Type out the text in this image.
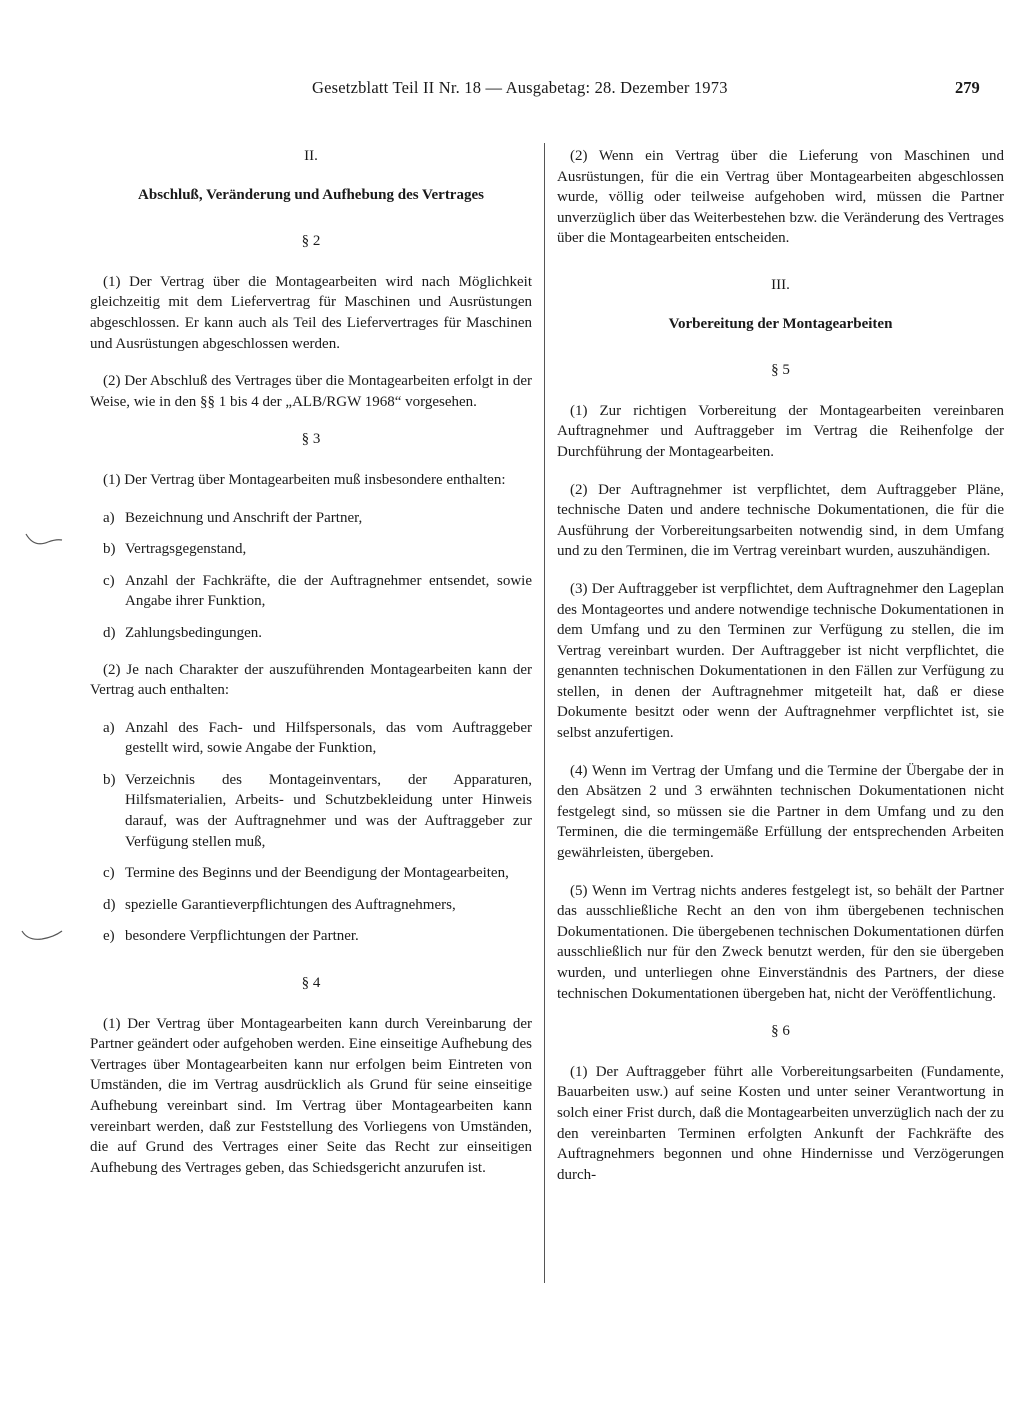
Gesetzblatt Teil II Nr. 18 — Ausgabetag: 28. Dezember 1973	279
II.
Abschluß, Veränderung und Aufhebung des Vertrages
§ 2

(1) Der Vertrag über die Montagearbeiten wird nach Möglichkeit gleichzeitig mit dem Liefervertrag für Maschinen und Ausrüstungen abgeschlossen. Er kann auch als Teil des Liefervertrages für Maschinen und Ausrüstungen abgeschlossen werden.

(2) Der Abschluß des Vertrages über die Montagearbeiten erfolgt in der Weise, wie in den §§ 1 bis 4 der „ALB/RGW 1968“ vorgesehen.

§ 3

(1) Der Vertrag über Montagearbeiten muß insbesondere enthalten:

a) Bezeichnung und Anschrift der Partner,
b) Vertragsgegenstand,
c) Anzahl der Fachkräfte, die der Auftragnehmer entsendet, sowie Angabe ihrer Funktion,
d) Zahlungsbedingungen.

(2) Je nach Charakter der auszuführenden Montagearbeiten kann der Vertrag auch enthalten:

a) Anzahl des Fach- und Hilfspersonals, das vom Auftraggeber gestellt wird, sowie Angabe der Funktion,
b) Verzeichnis des Montageinventars, der Apparaturen, Hilfsmaterialien, Arbeits- und Schutzbekleidung unter Hinweis darauf, was der Auftragnehmer und was der Auftraggeber zur Verfügung stellen muß,
c) Termine des Beginns und der Beendigung der Montagearbeiten,
d) spezielle Garantieverpflichtungen des Auftragnehmers,
e) besondere Verpflichtungen der Partner.
§ 4

(1) Der Vertrag über Montagearbeiten kann durch Vereinbarung der Partner geändert oder aufgehoben werden. Eine einseitige Aufhebung des Vertrages über Montagearbeiten kann nur erfolgen beim Eintreten von Umständen, die im Vertrag ausdrücklich als Grund für seine einseitige Aufhebung vereinbart sind. Im Vertrag über Montagearbeiten kann vereinbart werden, daß zur Feststellung des Vorliegens von Umständen, die auf Grund des Vertrages einer Seite das Recht zur einseitigen Aufhebung des Vertrages geben, das Schiedsgericht anzurufen ist.

(2) Wenn ein Vertrag über die Lieferung von Maschinen und Ausrüstungen, für die ein Vertrag über Montagearbeiten abgeschlossen wurde, völlig oder teilweise aufgehoben wird, müssen die Partner unverzüglich über das Weiterbestehen bzw. die Veränderung des Vertrages über die Montagearbeiten entscheiden.

III.
Vorbereitung der Montagearbeiten
§ 5

(1) Zur richtigen Vorbereitung der Montagearbeiten vereinbaren Auftragnehmer und Auftraggeber im Vertrag die Reihenfolge der Durchführung der Montagearbeiten.

(2) Der Auftragnehmer ist verpflichtet, dem Auftraggeber Pläne, technische Daten und andere technische Dokumentationen, die für die Ausführung der Vorbereitungsarbeiten notwendig sind, in dem Umfang und zu den Terminen, die im Vertrag vereinbart wurden, auszuhändigen.

(3) Der Auftraggeber ist verpflichtet, dem Auftragnehmer den Lageplan des Montageortes und andere notwendige technische Dokumentationen in dem Umfang und zu den Terminen zur Verfügung zu stellen, die im Vertrag vereinbart wurden. Der Auftraggeber ist nicht verpflichtet, die genannten technischen Dokumentationen in den Fällen zur Verfügung zu stellen, in denen der Auftragnehmer mitgeteilt hat, daß er diese Dokumente besitzt oder wenn der Auftragnehmer verpflichtet ist, sie selbst anzufertigen.

(4) Wenn im Vertrag der Umfang und die Termine der Übergabe der in den Absätzen 2 und 3 erwähnten technischen Dokumentationen nicht festgelegt sind, so müssen sie die Partner in dem Umfang und zu den Terminen, die die termingemäße Erfüllung der entsprechenden Arbeiten gewährleisten, übergeben.

(5) Wenn im Vertrag nichts anderes festgelegt ist, so behält der Partner das ausschließliche Recht an den von ihm übergebenen technischen Dokumentationen. Die übergebenen technischen Dokumentationen dürfen ausschließlich nur für den Zweck benutzt werden, für den sie übergeben wurden, und unterliegen ohne Einverständnis des Partners, der diese technischen Dokumentationen übergeben hat, nicht der Veröffentlichung.

§ 6

(1) Der Auftraggeber führt alle Vorbereitungsarbeiten (Fundamente, Bauarbeiten usw.) auf seine Kosten und unter seiner Verantwortung in solch einer Frist durch, daß die Montagearbeiten unverzüglich nach der zu den vereinbarten Terminen erfolgten Ankunft der Fachkräfte des Auftragnehmers begonnen und ohne Hindernisse und Verzögerungen durch-
